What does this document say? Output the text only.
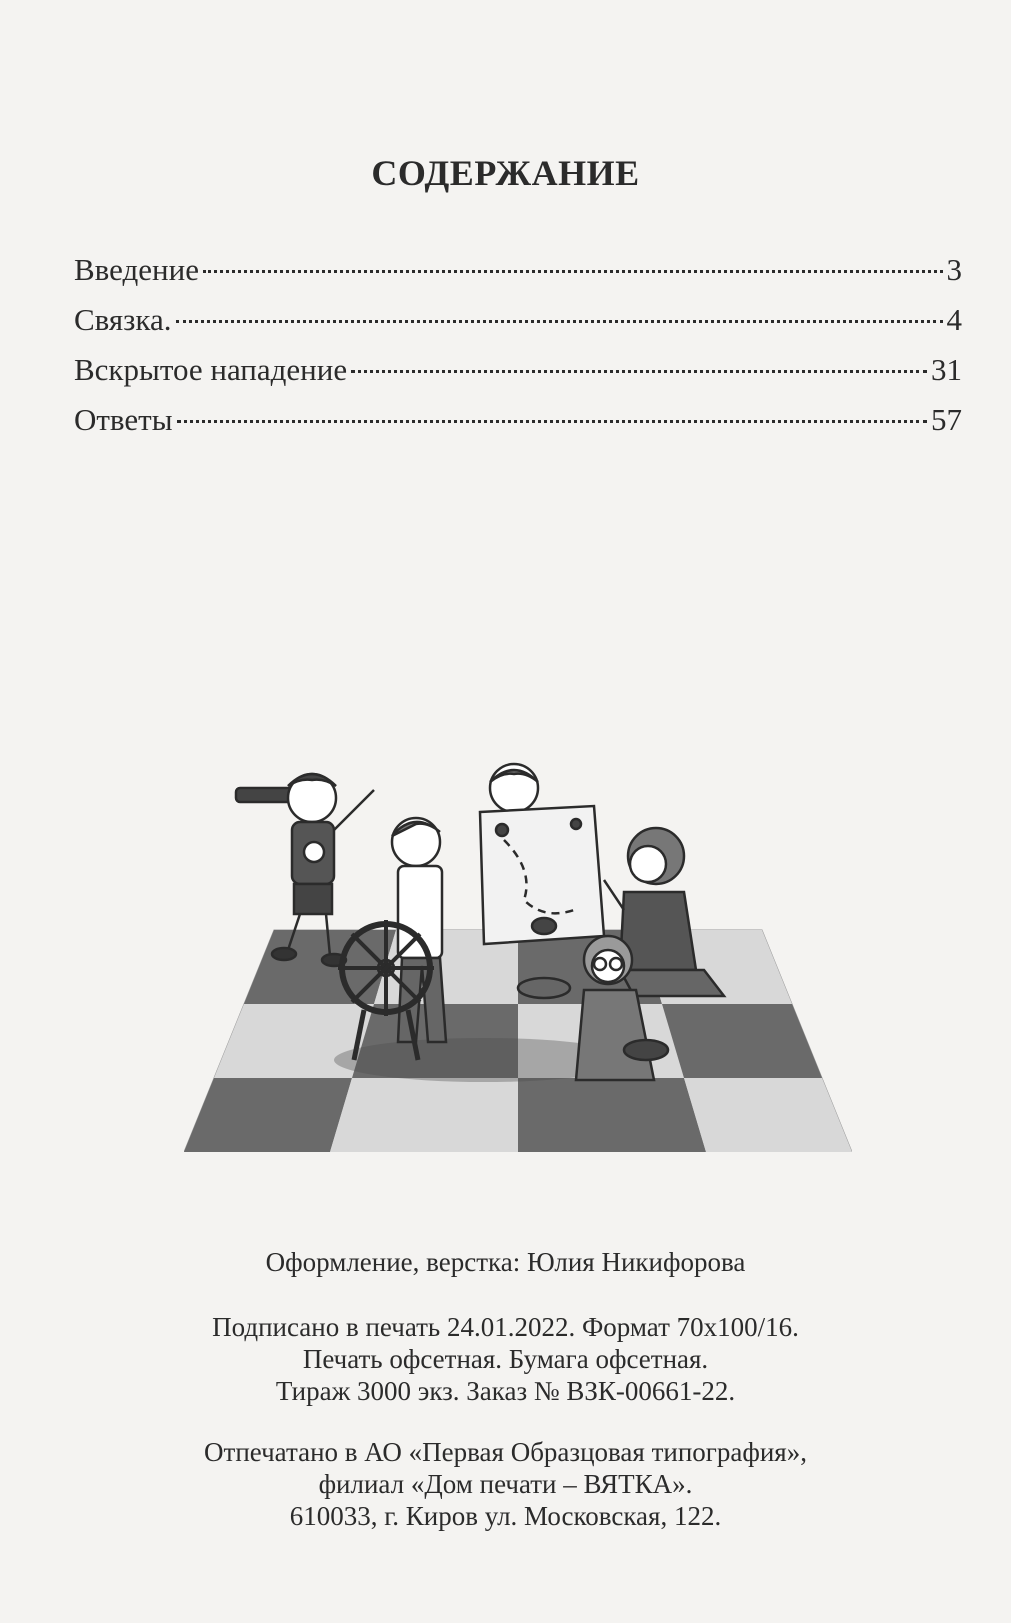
СОДЕРЖАНИЕ
Введение	3
Связка.	4
Вскрытое нападение	31
Ответы	57

Оформление, верстка: Юлия Никифорова

Подписано в печать 24.01.2022. Формат 70x100/16.

Печать офсетная. Бумага офсетная.

Тираж 3000 экз. Заказ № ВЗК-00661-22.

Отпечатано в АО «Первая Образцовая типография»,

филиал «Дом печати – ВЯТКА».

610033, г. Киров ул. Московская, 122.
